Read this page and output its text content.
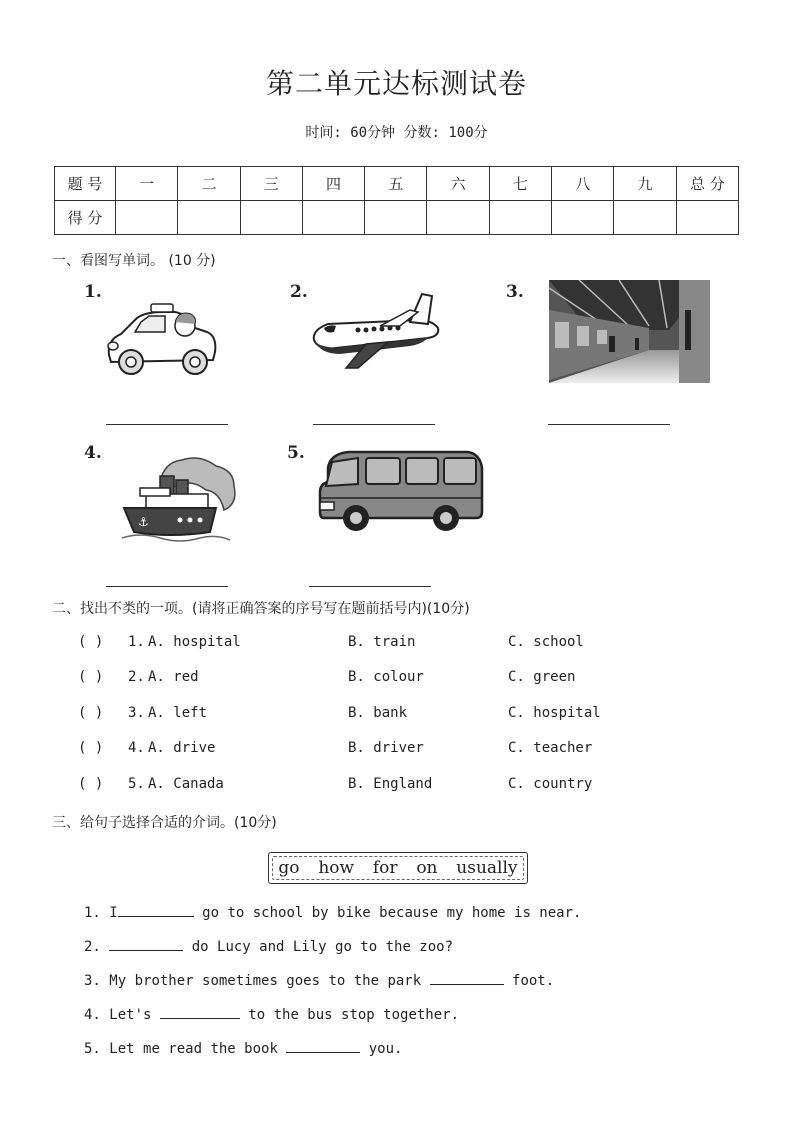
第二单元达标测试卷
时间: 60分钟 分数: 100分
题 号	一	二	三	四	五	六	七	八	九	总 分
得 分										
一、看图写单词。 (10 分)
1.	2.	3.
4.
⚓
5.
二、找出不类的一项。(请将正确答案的序号写在题前括号内)(10分)
( ) 1. A. hospital	B. train	C. school
( ) 2. A. red	B. colour	C. green
( ) 3. A. left	B. bank	C. hospital
( ) 4. A. drive	B. driver	C. teacher
( ) 5. A. Canada	B. England	C. country
三、给句子选择合适的介词。(10分)
go how for on usually
1. I	go to school by bike because my home is near.
2.	do Lucy and Lily go to the zoo?
3. My brother sometimes goes to the park	foot.
4. Let's	to the bus stop together.
5. Let me read the book	you.
